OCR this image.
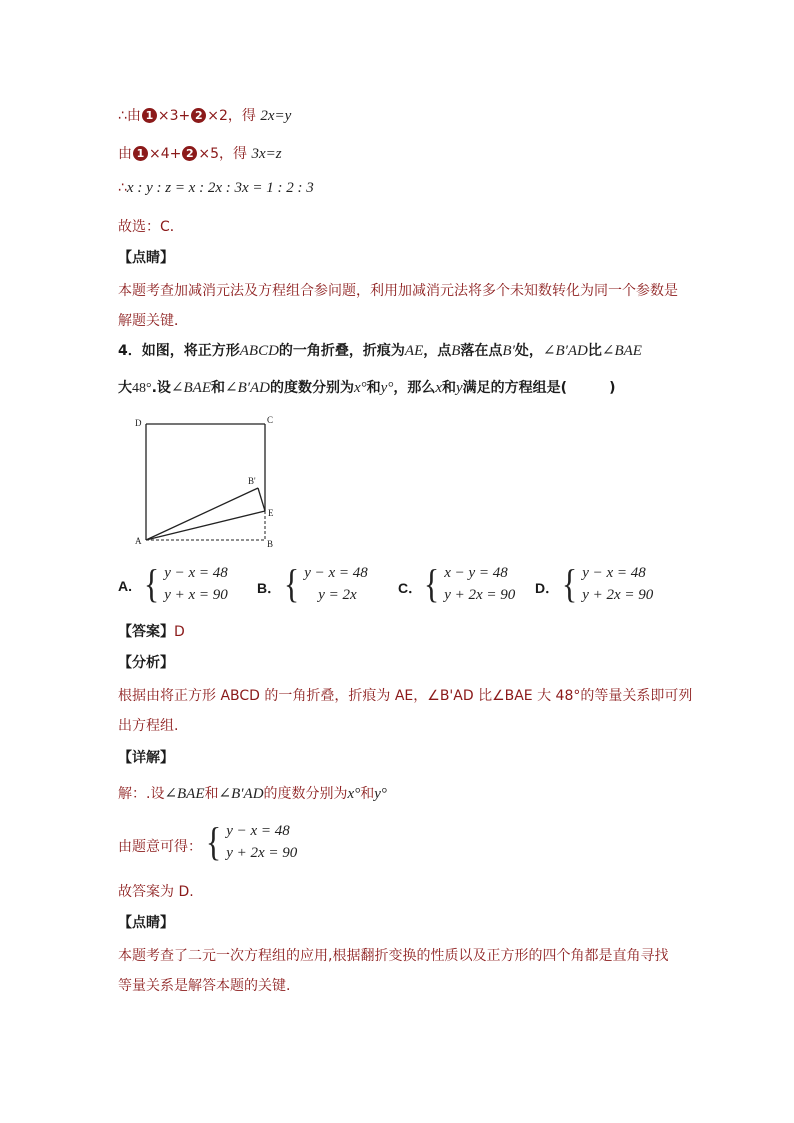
∴由 1 ×3+ 2 ×2，得 2x=y
由 1 ×4+ 2 ×5，得 3x=z
∴x : y : z = x : 2x : 3x = 1 : 2 : 3
故选：C．
【点睛】
本题考查加减消元法及方程组合参问题，利用加减消元法将多个未知数转化为同一个参数是
解题关键．
4．如图，将正方形ABCD的一角折叠，折痕为AE，点B落在点B′处，∠B′AD比∠BAE
大48°.设∠BAE和∠B′AD的度数分别为x°和y°，那么x和y满足的方程组是(　　　)
D	C
B'
E
A	B
A. { y − x = 48
y + x = 90 B． { y − x = 48
y = 2x	C． { x − y = 48
y + 2x = 90 D． { y − x = 48
y + 2x = 90
【答案】D
【分析】
根据由将正方形 ABCD 的一角折叠，折痕为 AE，∠B'AD 比∠BAE 大 48°的等量关系即可列
出方程组.
【详解】
解：.设∠BAE和∠B′AD的度数分别为x°和y°
由题意可得： { y − x = 48
y + 2x = 90
故答案为 D.
【点睛】
本题考查了二元一次方程组的应用,根据翻折变换的性质以及正方形的四个角都是直角寻找
等量关系是解答本题的关键.
